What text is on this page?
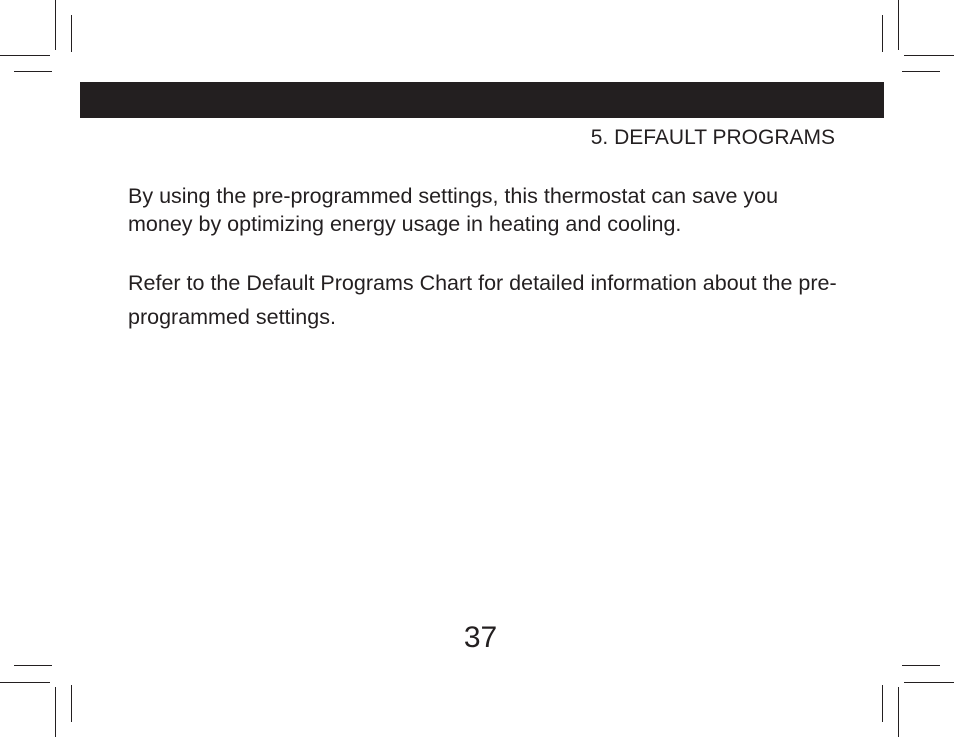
5. DEFAULT PROGRAMS

By using the pre-programmed settings, this thermostat can save you money by optimizing energy usage in heating and cooling.

Refer to the Default Programs Chart for detailed information about the pre-programmed settings.

37
